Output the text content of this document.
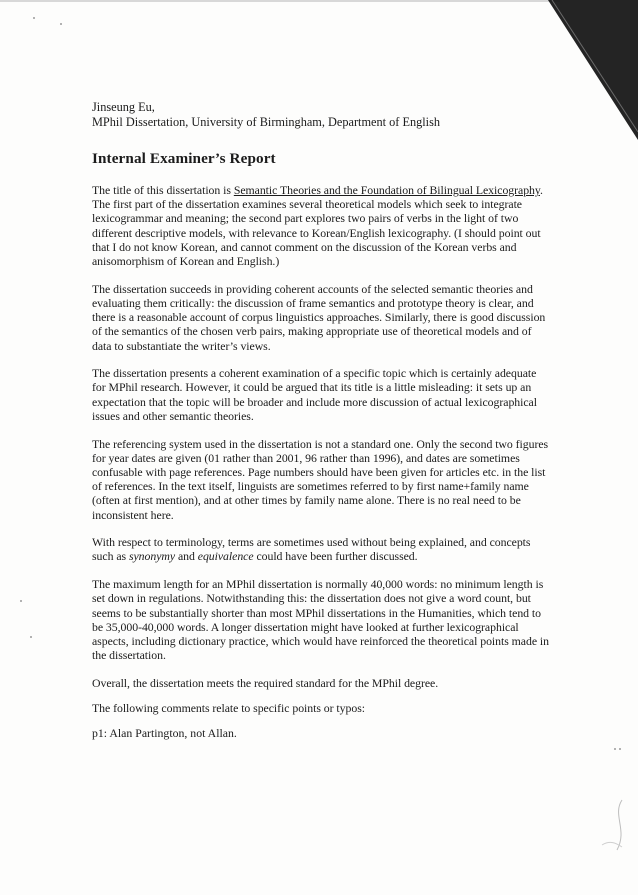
Jinseung Eu,

MPhil Dissertation, University of Birmingham, Department of English

Internal Examiner’s Report

The title of this dissertation is Semantic Theories and the Foundation of Bilingual Lexicography. The first part of the dissertation examines several theoretical models which seek to integrate lexicogrammar and meaning; the second part explores two pairs of verbs in the light of two different descriptive models, with relevance to Korean/English lexicography. (I should point out that I do not know Korean, and cannot comment on the discussion of the Korean verbs and anisomorphism of Korean and English.)

The dissertation succeeds in providing coherent accounts of the selected semantic theories and evaluating them critically: the discussion of frame semantics and prototype theory is clear, and there is a reasonable account of corpus linguistics approaches. Similarly, there is good discussion of the semantics of the chosen verb pairs, making appropriate use of theoretical models and of data to substantiate the writer’s views.

The dissertation presents a coherent examination of a specific topic which is certainly adequate for MPhil research. However, it could be argued that its title is a little misleading: it sets up an expectation that the topic will be broader and include more discussion of actual lexicographical issues and other semantic theories.

The referencing system used in the dissertation is not a standard one. Only the second two figures for year dates are given (01 rather than 2001, 96 rather than 1996), and dates are sometimes confusable with page references. Page numbers should have been given for articles etc. in the list of references. In the text itself, linguists are sometimes referred to by first name+family name (often at first mention), and at other times by family name alone. There is no real need to be inconsistent here.

With respect to terminology, terms are sometimes used without being explained, and concepts such as synonymy and equivalence could have been further discussed.

The maximum length for an MPhil dissertation is normally 40,000 words: no minimum length is set down in regulations. Notwithstanding this: the dissertation does not give a word count, but seems to be substantially shorter than most MPhil dissertations in the Humanities, which tend to be 35,000-40,000 words. A longer dissertation might have looked at further lexicographical aspects, including dictionary practice, which would have reinforced the theoretical points made in the dissertation.

Overall, the dissertation meets the required standard for the MPhil degree.

The following comments relate to specific points or typos:

p1: Alan Partington, not Allan.
